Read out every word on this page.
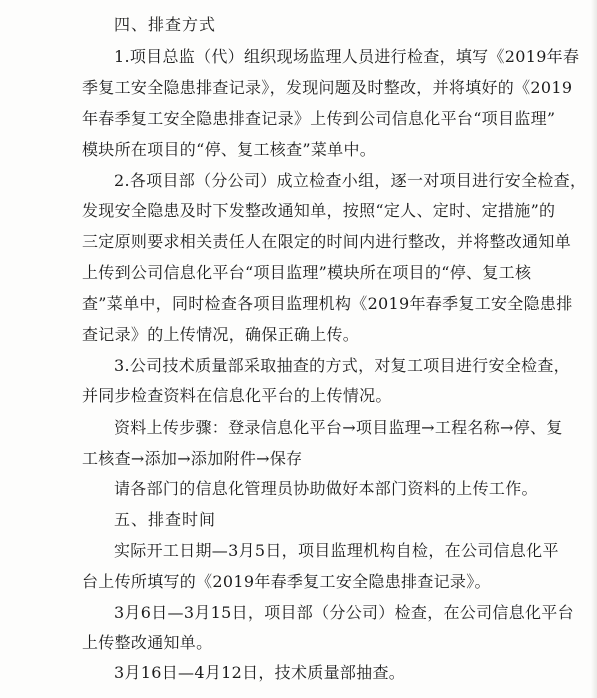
四、排查方式
1.项目总监（代）组织现场监理人员进行检查，填写《2019年春
季复工安全隐患排查记录》，发现问题及时整改，并将填好的《2019
年春季复工安全隐患排查记录》上传到公司信息化平台“项目监理”
模块所在项目的“停、复工核查”菜单中。
2.各项目部（分公司）成立检查小组，逐一对项目进行安全检查，
发现安全隐患及时下发整改通知单，按照“定人、定时、定措施”的
三定原则要求相关责任人在限定的时间内进行整改，并将整改通知单
上传到公司信息化平台“项目监理”模块所在项目的“停、复工核
查”菜单中，同时检查各项目监理机构《2019年春季复工安全隐患排
查记录》的上传情况，确保正确上传。
3.公司技术质量部采取抽查的方式，对复工项目进行安全检查，
并同步检查资料在信息化平台的上传情况。
资料上传步骤：登录信息化平台→项目监理→工程名称→停、复
工核查→添加→添加附件→保存
请各部门的信息化管理员协助做好本部门资料的上传工作。
五、排查时间
实际开工日期—3月5日，项目监理机构自检，在公司信息化平
台上传所填写的《2019年春季复工安全隐患排查记录》。
3月6日—3月15日，项目部（分公司）检查，在公司信息化平台
上传整改通知单。
3月16日—4月12日，技术质量部抽查。
